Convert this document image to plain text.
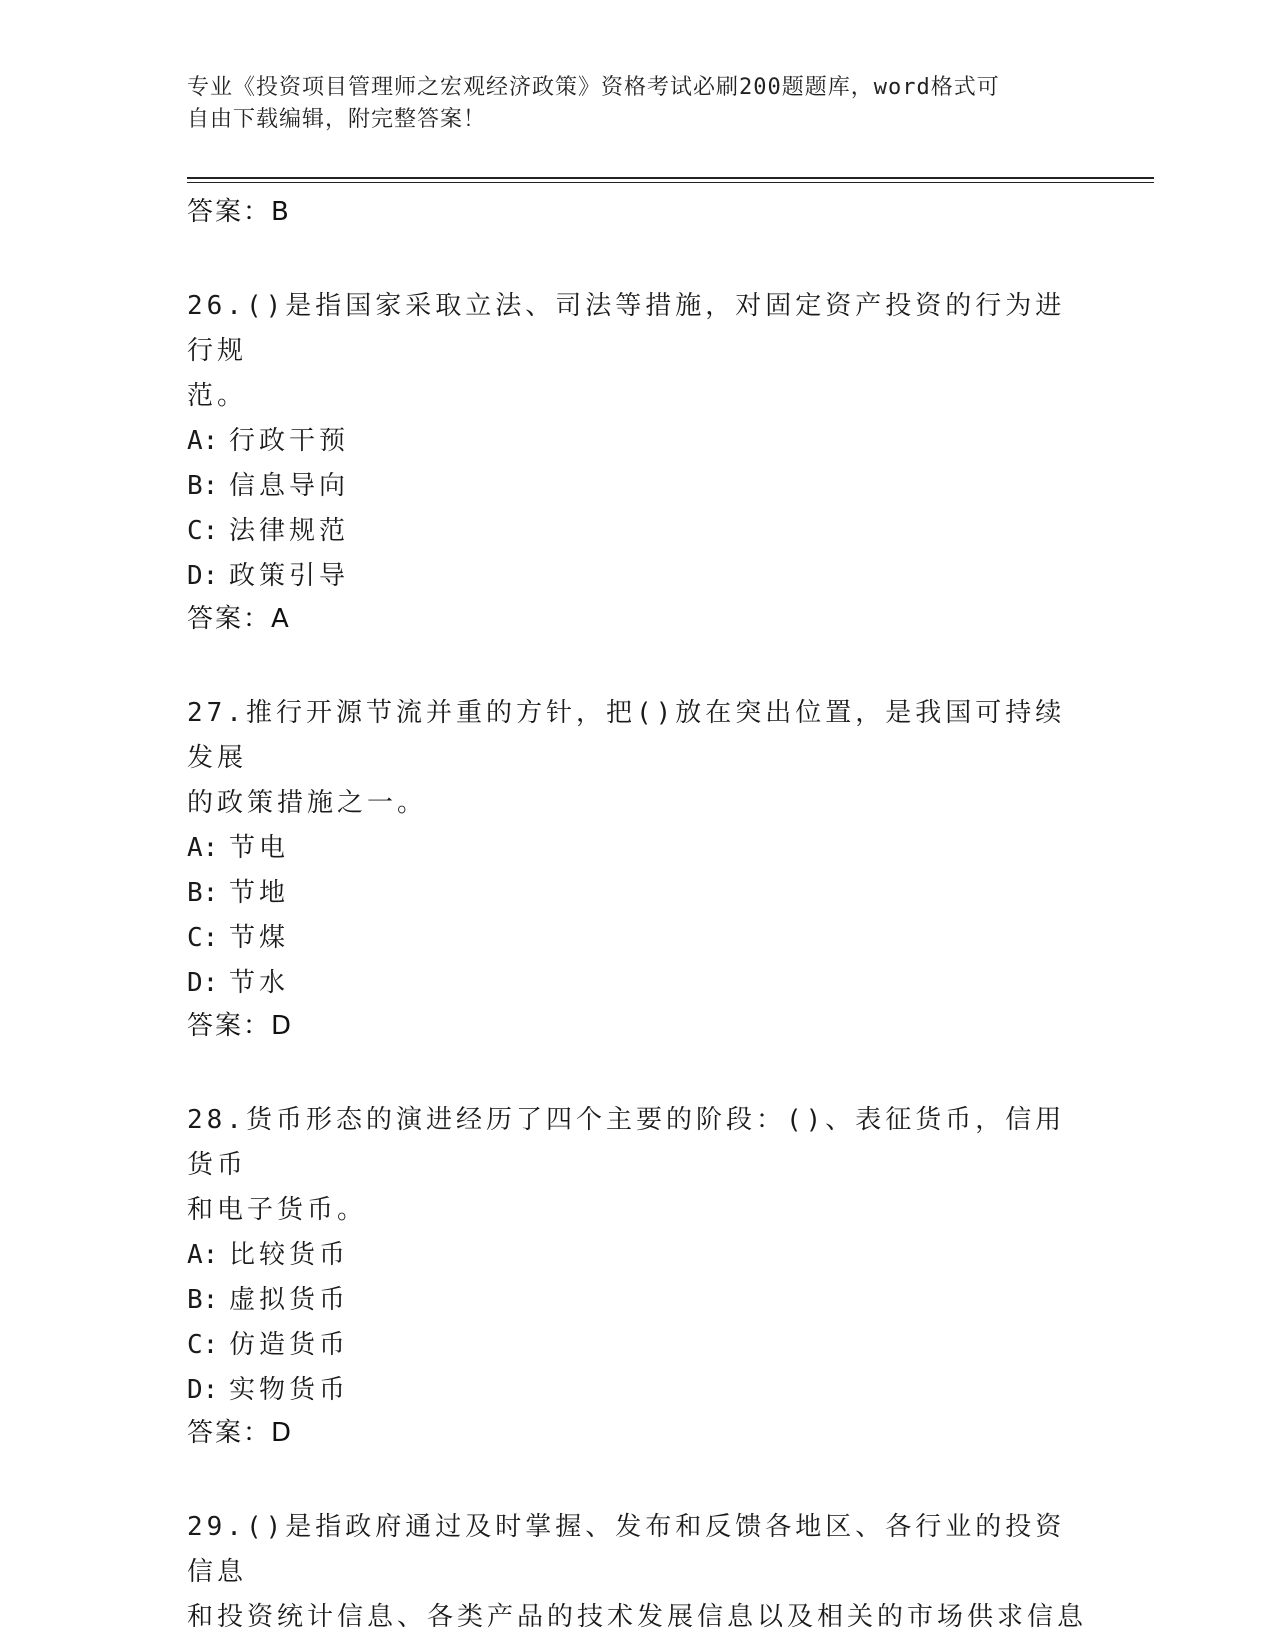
专业《投资项目管理师之宏观经济政策》资格考试必刷200题题库，word格式可
自由下载编辑，附完整答案！

答案：B

26.()是指国家采取立法、司法等措施，对固定资产投资的行为进行规

范。

A: 行政干预

B: 信息导向

C: 法律规范

D: 政策引导

答案：A

27.推行开源节流并重的方针，把()放在突出位置，是我国可持续发展

的政策措施之一。

A: 节电

B: 节地

C: 节煤

D: 节水

答案：D

28.货币形态的演进经历了四个主要的阶段：()、表征货币，信用货币

和电子货币。

A: 比较货币

B: 虚拟货币

C: 仿造货币

D: 实物货币

答案：D

29.()是指政府通过及时掌握、发布和反馈各地区、各行业的投资信息

和投资统计信息、各类产品的技术发展信息以及相关的市场供求信息
